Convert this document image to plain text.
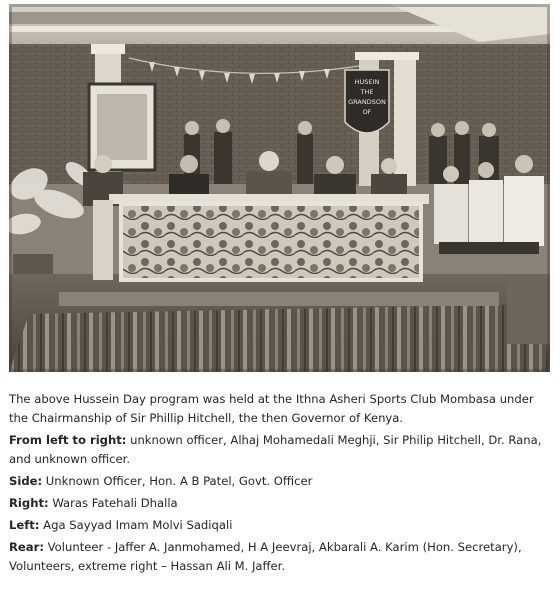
HUSEIN
THE
GRANDSON
OF

The above Hussein Day program was held at the Ithna Asheri Sports Club Mombasa under the Chairmanship of Sir Phillip Hitchell, the then Governor of Kenya.

From left to right: unknown officer, Alhaj Mohamedali Meghji, Sir Philip Hitchell, Dr. Rana, and unknown officer.

Side: Unknown Officer, Hon. A B Patel, Govt. Officer

Right: Waras Fatehali Dhalla

Left: Aga Sayyad Imam Molvi Sadiqali

Rear: Volunteer - Jaffer A. Janmohamed, H A Jeevraj, Akbarali A. Karim (Hon. Secretary), Volunteers, extreme right – Hassan Ali M. Jaffer.
